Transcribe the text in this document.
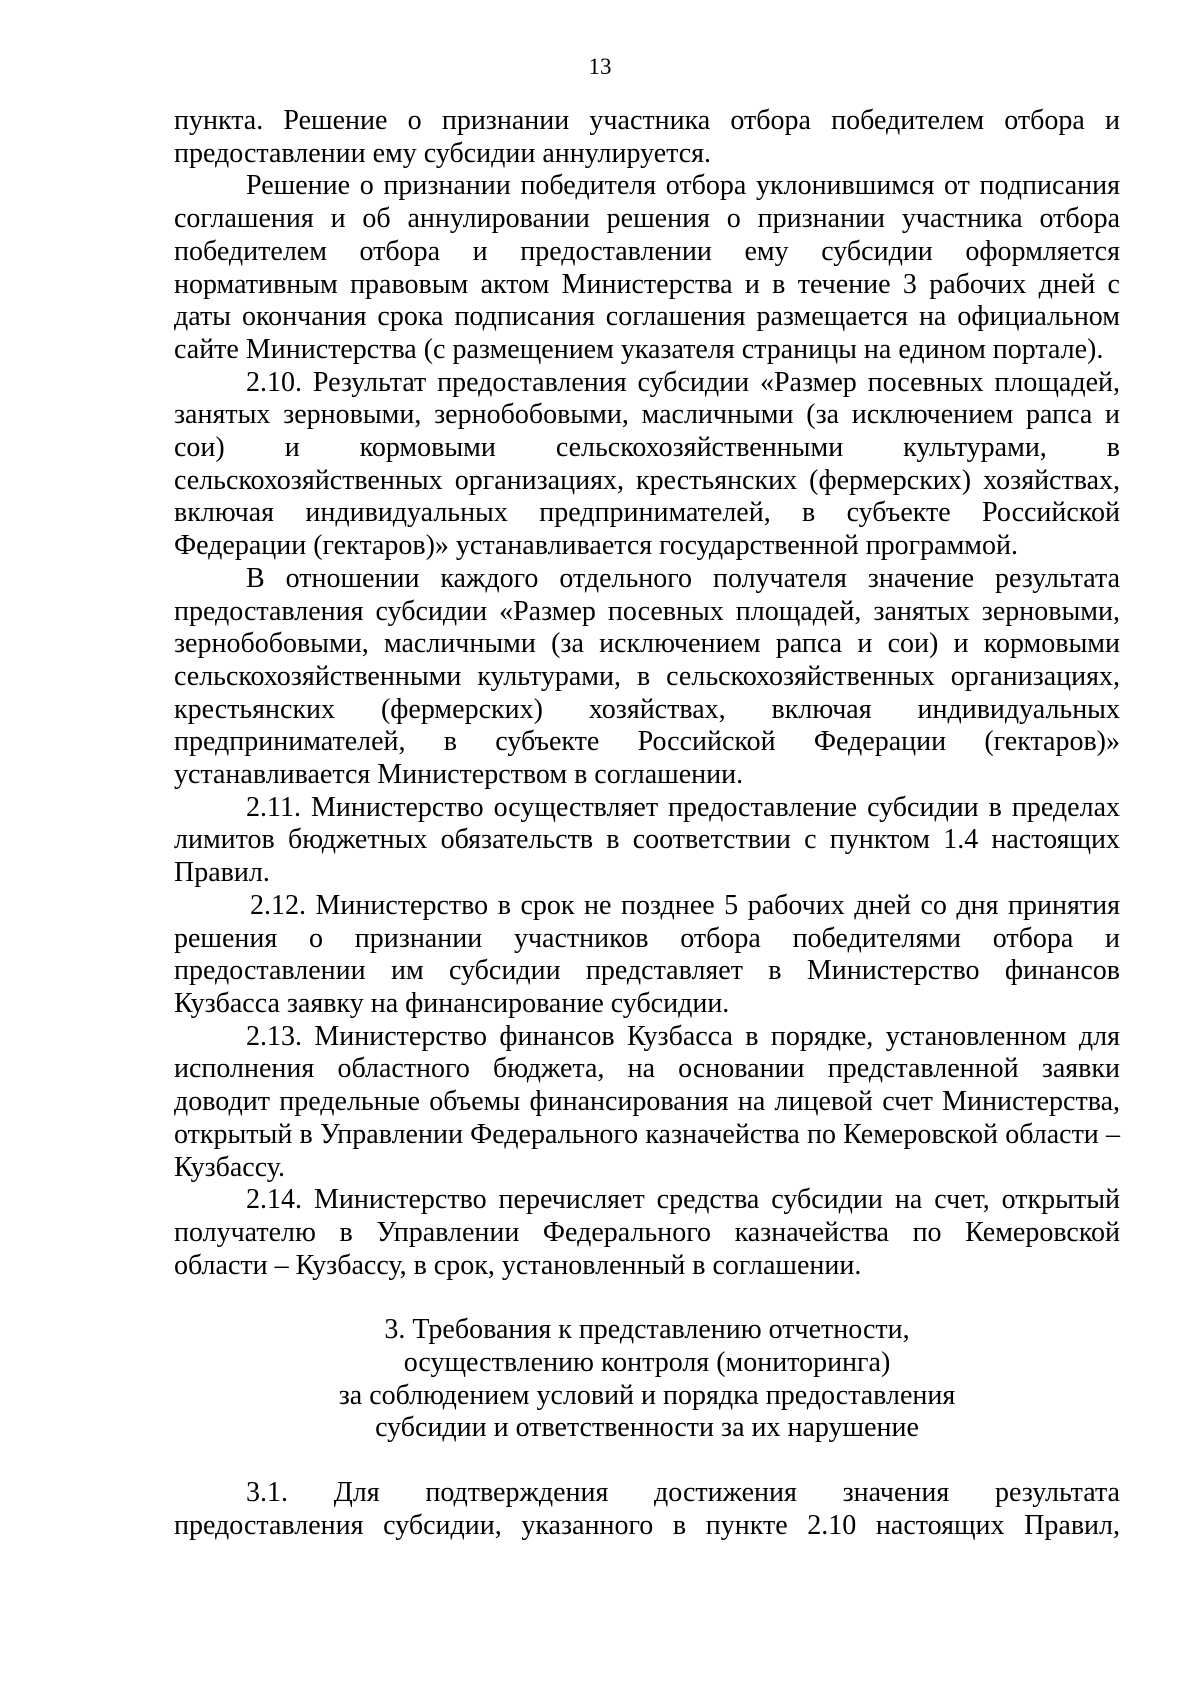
13

пункта. Решение о признании участника отбора победителем отбора и предоставлении ему субсидии аннулируется.

Решение о признании победителя отбора уклонившимся от подписания соглашения и об аннулировании решения о признании участника отбора победителем отбора и предоставлении ему субсидии оформляется нормативным правовым актом Министерства и в течение 3 рабочих дней с даты окончания срока подписания соглашения размещается на официальном сайте Министерства (с размещением указателя страницы на едином портале).

2.10. Результат предоставления субсидии «Размер посевных площадей, занятых зерновыми, зернобобовыми, масличными (за исключением рапса и сои) и кормовыми сельскохозяйственными культурами, в сельскохозяйственных организациях, крестьянских (фермерских) хозяйствах, включая индивидуальных предпринимателей, в субъекте Российской Федерации (гектаров)» устанавливается государственной программой.

В отношении каждого отдельного получателя значение результата предоставления субсидии «Размер посевных площадей, занятых зерновыми, зернобобовыми, масличными (за исключением рапса и сои) и кормовыми сельскохозяйственными культурами, в сельскохозяйственных организациях, крестьянских (фермерских) хозяйствах, включая индивидуальных предпринимателей, в субъекте Российской Федерации (гектаров)» устанавливается Министерством в соглашении.

2.11. Министерство осуществляет предоставление субсидии в пределах лимитов бюджетных обязательств в соответствии с пунктом 1.4 настоящих Правил.

2.12. Министерство в срок не позднее 5 рабочих дней со дня принятия решения о признании участников отбора победителями отбора и предоставлении им субсидии представляет в Министерство финансов Кузбасса заявку на финансирование субсидии.

2.13. Министерство финансов Кузбасса в порядке, установленном для исполнения областного бюджета, на основании представленной заявки доводит предельные объемы финансирования на лицевой счет Министерства, открытый в Управлении Федерального казначейства по Кемеровской области – Кузбассу.

2.14. Министерство перечисляет средства субсидии на счет, открытый получателю в Управлении Федерального казначейства по Кемеровской области – Кузбассу, в срок, установленный в соглашении.

3. Требования к представлению отчетности,
осуществлению контроля (мониторинга)
за соблюдением условий и порядка предоставления
субсидии и ответственности за их нарушение
3.1. Для подтверждения достижения значения результата
предоставления субсидии, указанного в пункте 2.10 настоящих Правил,
